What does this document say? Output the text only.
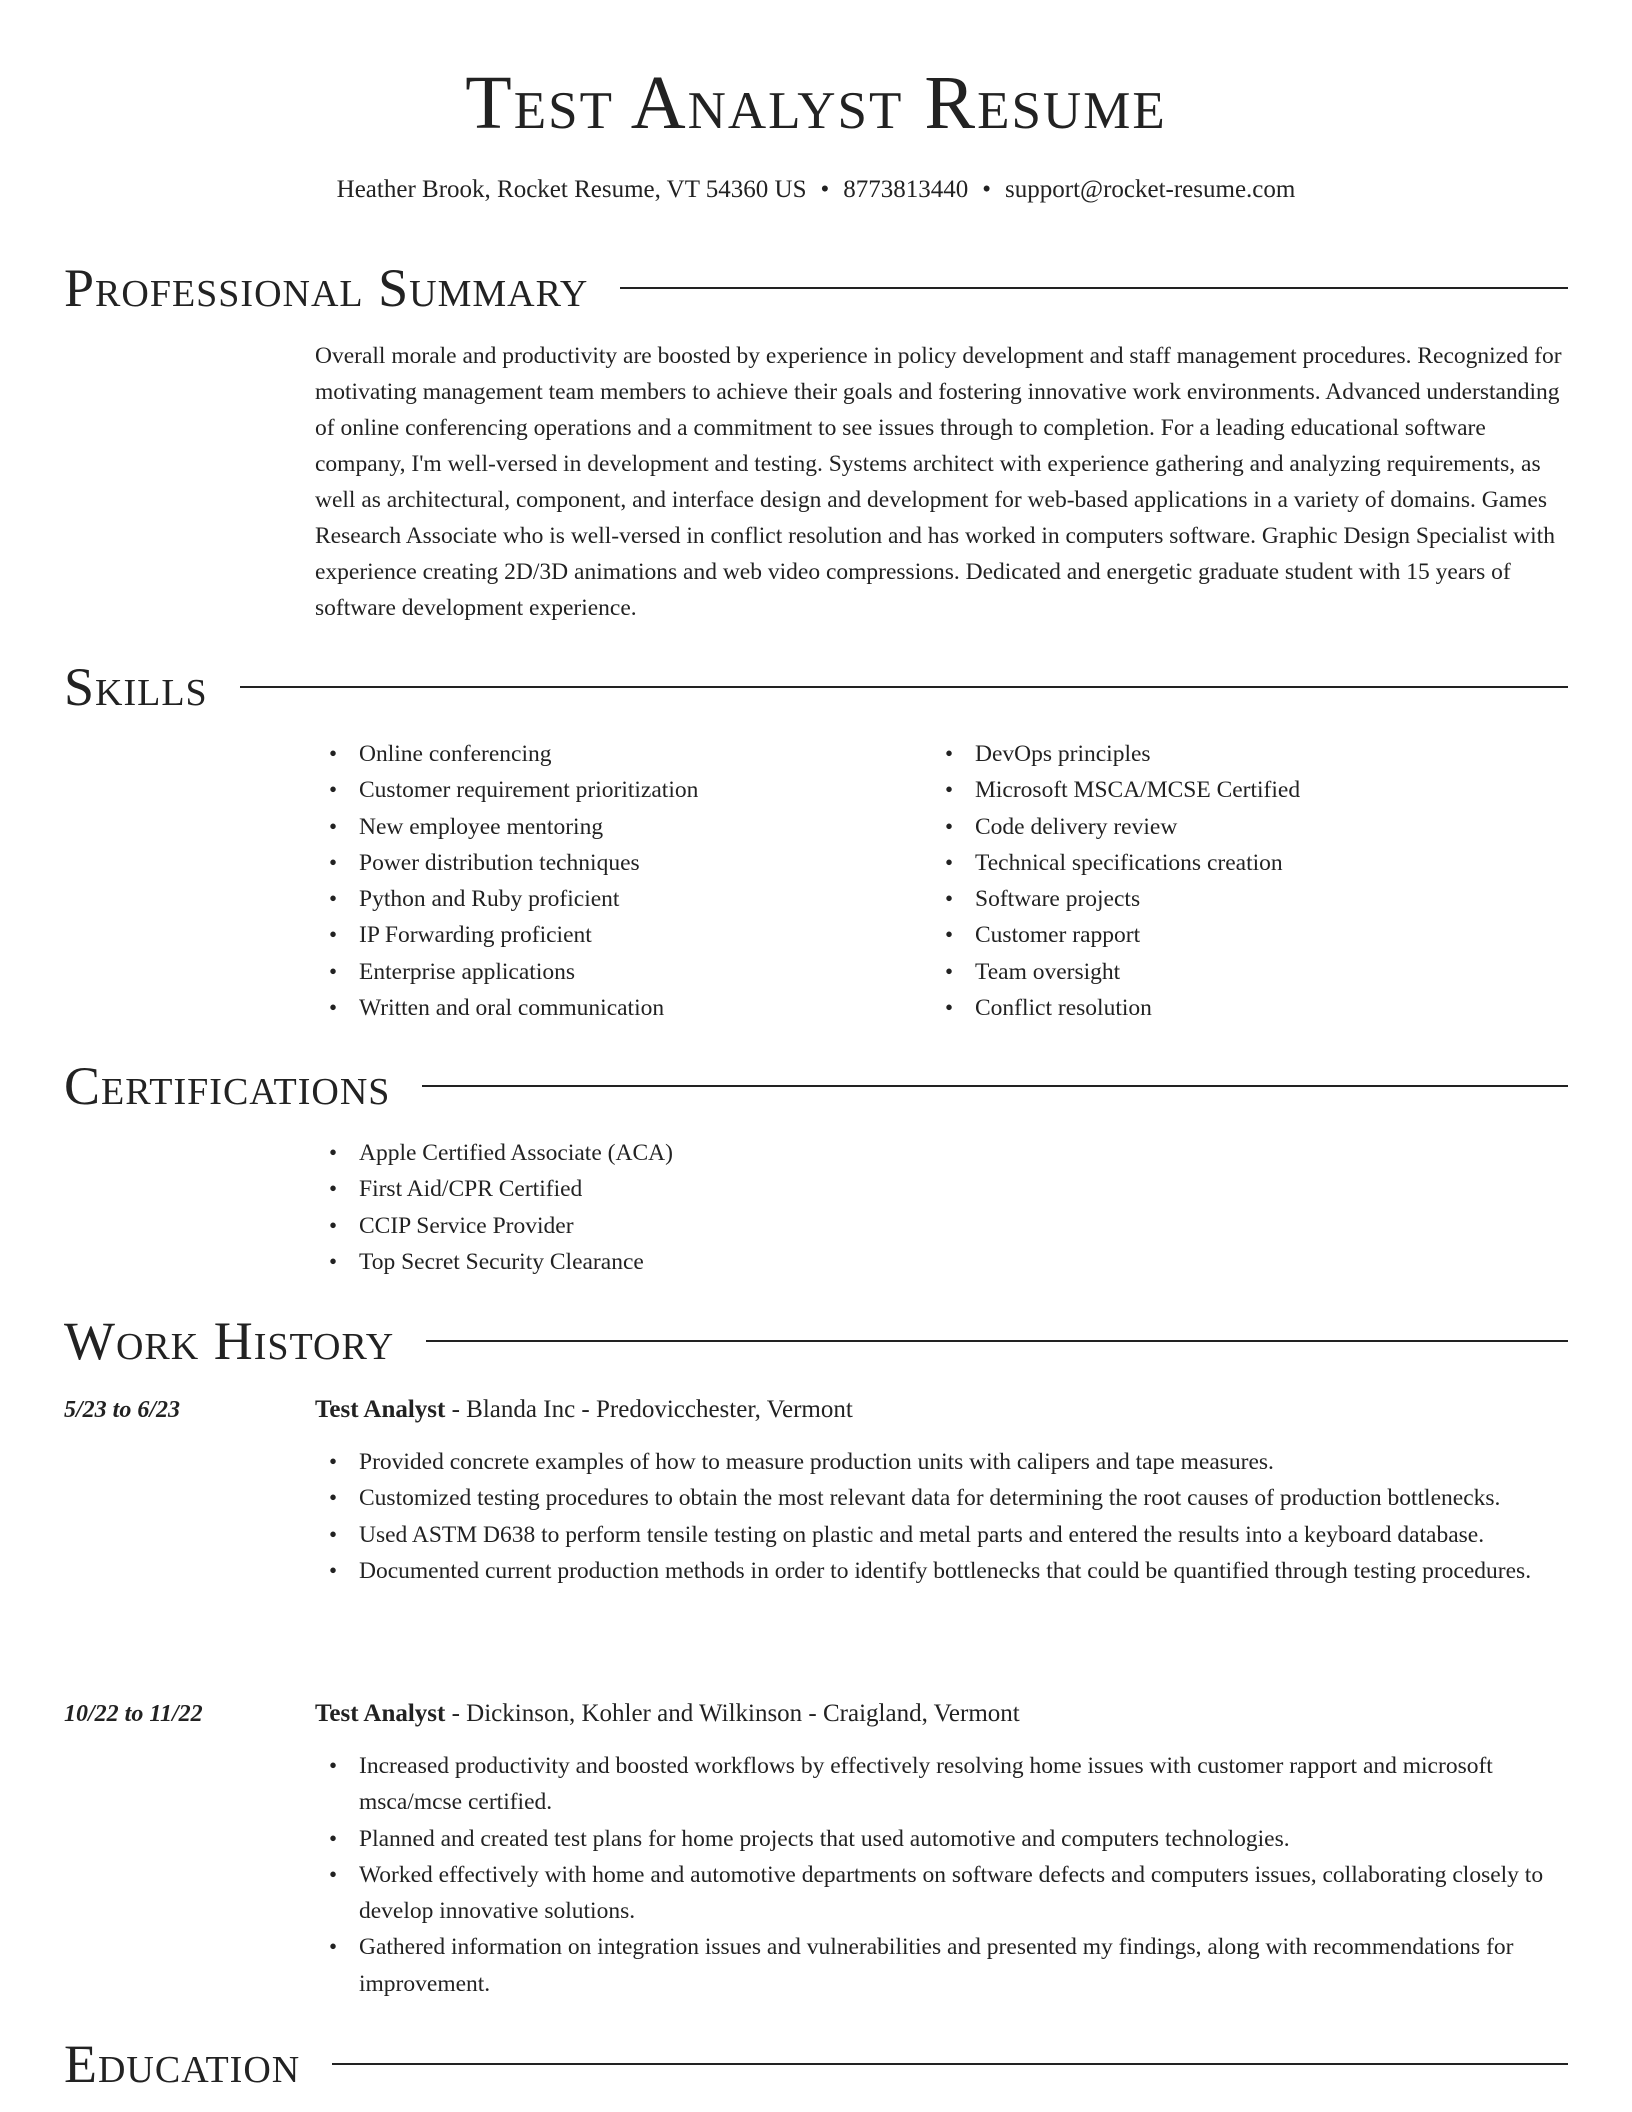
Test Analyst Resume
Heather Brook, Rocket Resume, VT 54360 US • 8773813440 • support@rocket-resume.com
Professional Summary
Overall morale and productivity are boosted by experience in policy development and staff management procedures. Recognized for motivating management team members to achieve their goals and fostering innovative work environments. Advanced understanding of online conferencing operations and a commitment to see issues through to completion. For a leading educational software company, I'm well-versed in development and testing. Systems architect with experience gathering and analyzing requirements, as well as architectural, component, and interface design and development for web-based applications in a variety of domains. Games Research Associate who is well-versed in conflict resolution and has worked in computers software. Graphic Design Specialist with experience creating 2D/3D animations and web video compressions. Dedicated and energetic graduate student with 15 years of software development experience.
Skills
• Online conferencing
• Customer requirement prioritization
• New employee mentoring
• Power distribution techniques
• Python and Ruby proficient
• IP Forwarding proficient
• Enterprise applications
• Written and oral communication
• DevOps principles
• Microsoft MSCA/MCSE Certified
• Code delivery review
• Technical specifications creation
• Software projects
• Customer rapport
• Team oversight
• Conflict resolution
Certifications
• Apple Certified Associate (ACA)
• First Aid/CPR Certified
• CCIP Service Provider
• Top Secret Security Clearance
Work History
5/23 to 6/23	Test Analyst - Blanda Inc - Predovicchester, Vermont
• Provided concrete examples of how to measure production units with calipers and tape measures.
• Customized testing procedures to obtain the most relevant data for determining the root causes of production bottlenecks.
• Used ASTM D638 to perform tensile testing on plastic and metal parts and entered the results into a keyboard database.
• Documented current production methods in order to identify bottlenecks that could be quantified through testing procedures.
10/22 to 11/22	Test Analyst - Dickinson, Kohler and Wilkinson - Craigland, Vermont
• Increased productivity and boosted workflows by effectively resolving home issues with customer rapport and microsoft msca/mcse certified.
• Planned and created test plans for home projects that used automotive and computers technologies.
• Worked effectively with home and automotive departments on software defects and computers issues, collaborating closely to develop innovative solutions.
• Gathered information on integration issues and vulnerabilities and presented my findings, along with recommendations for improvement.
Education
